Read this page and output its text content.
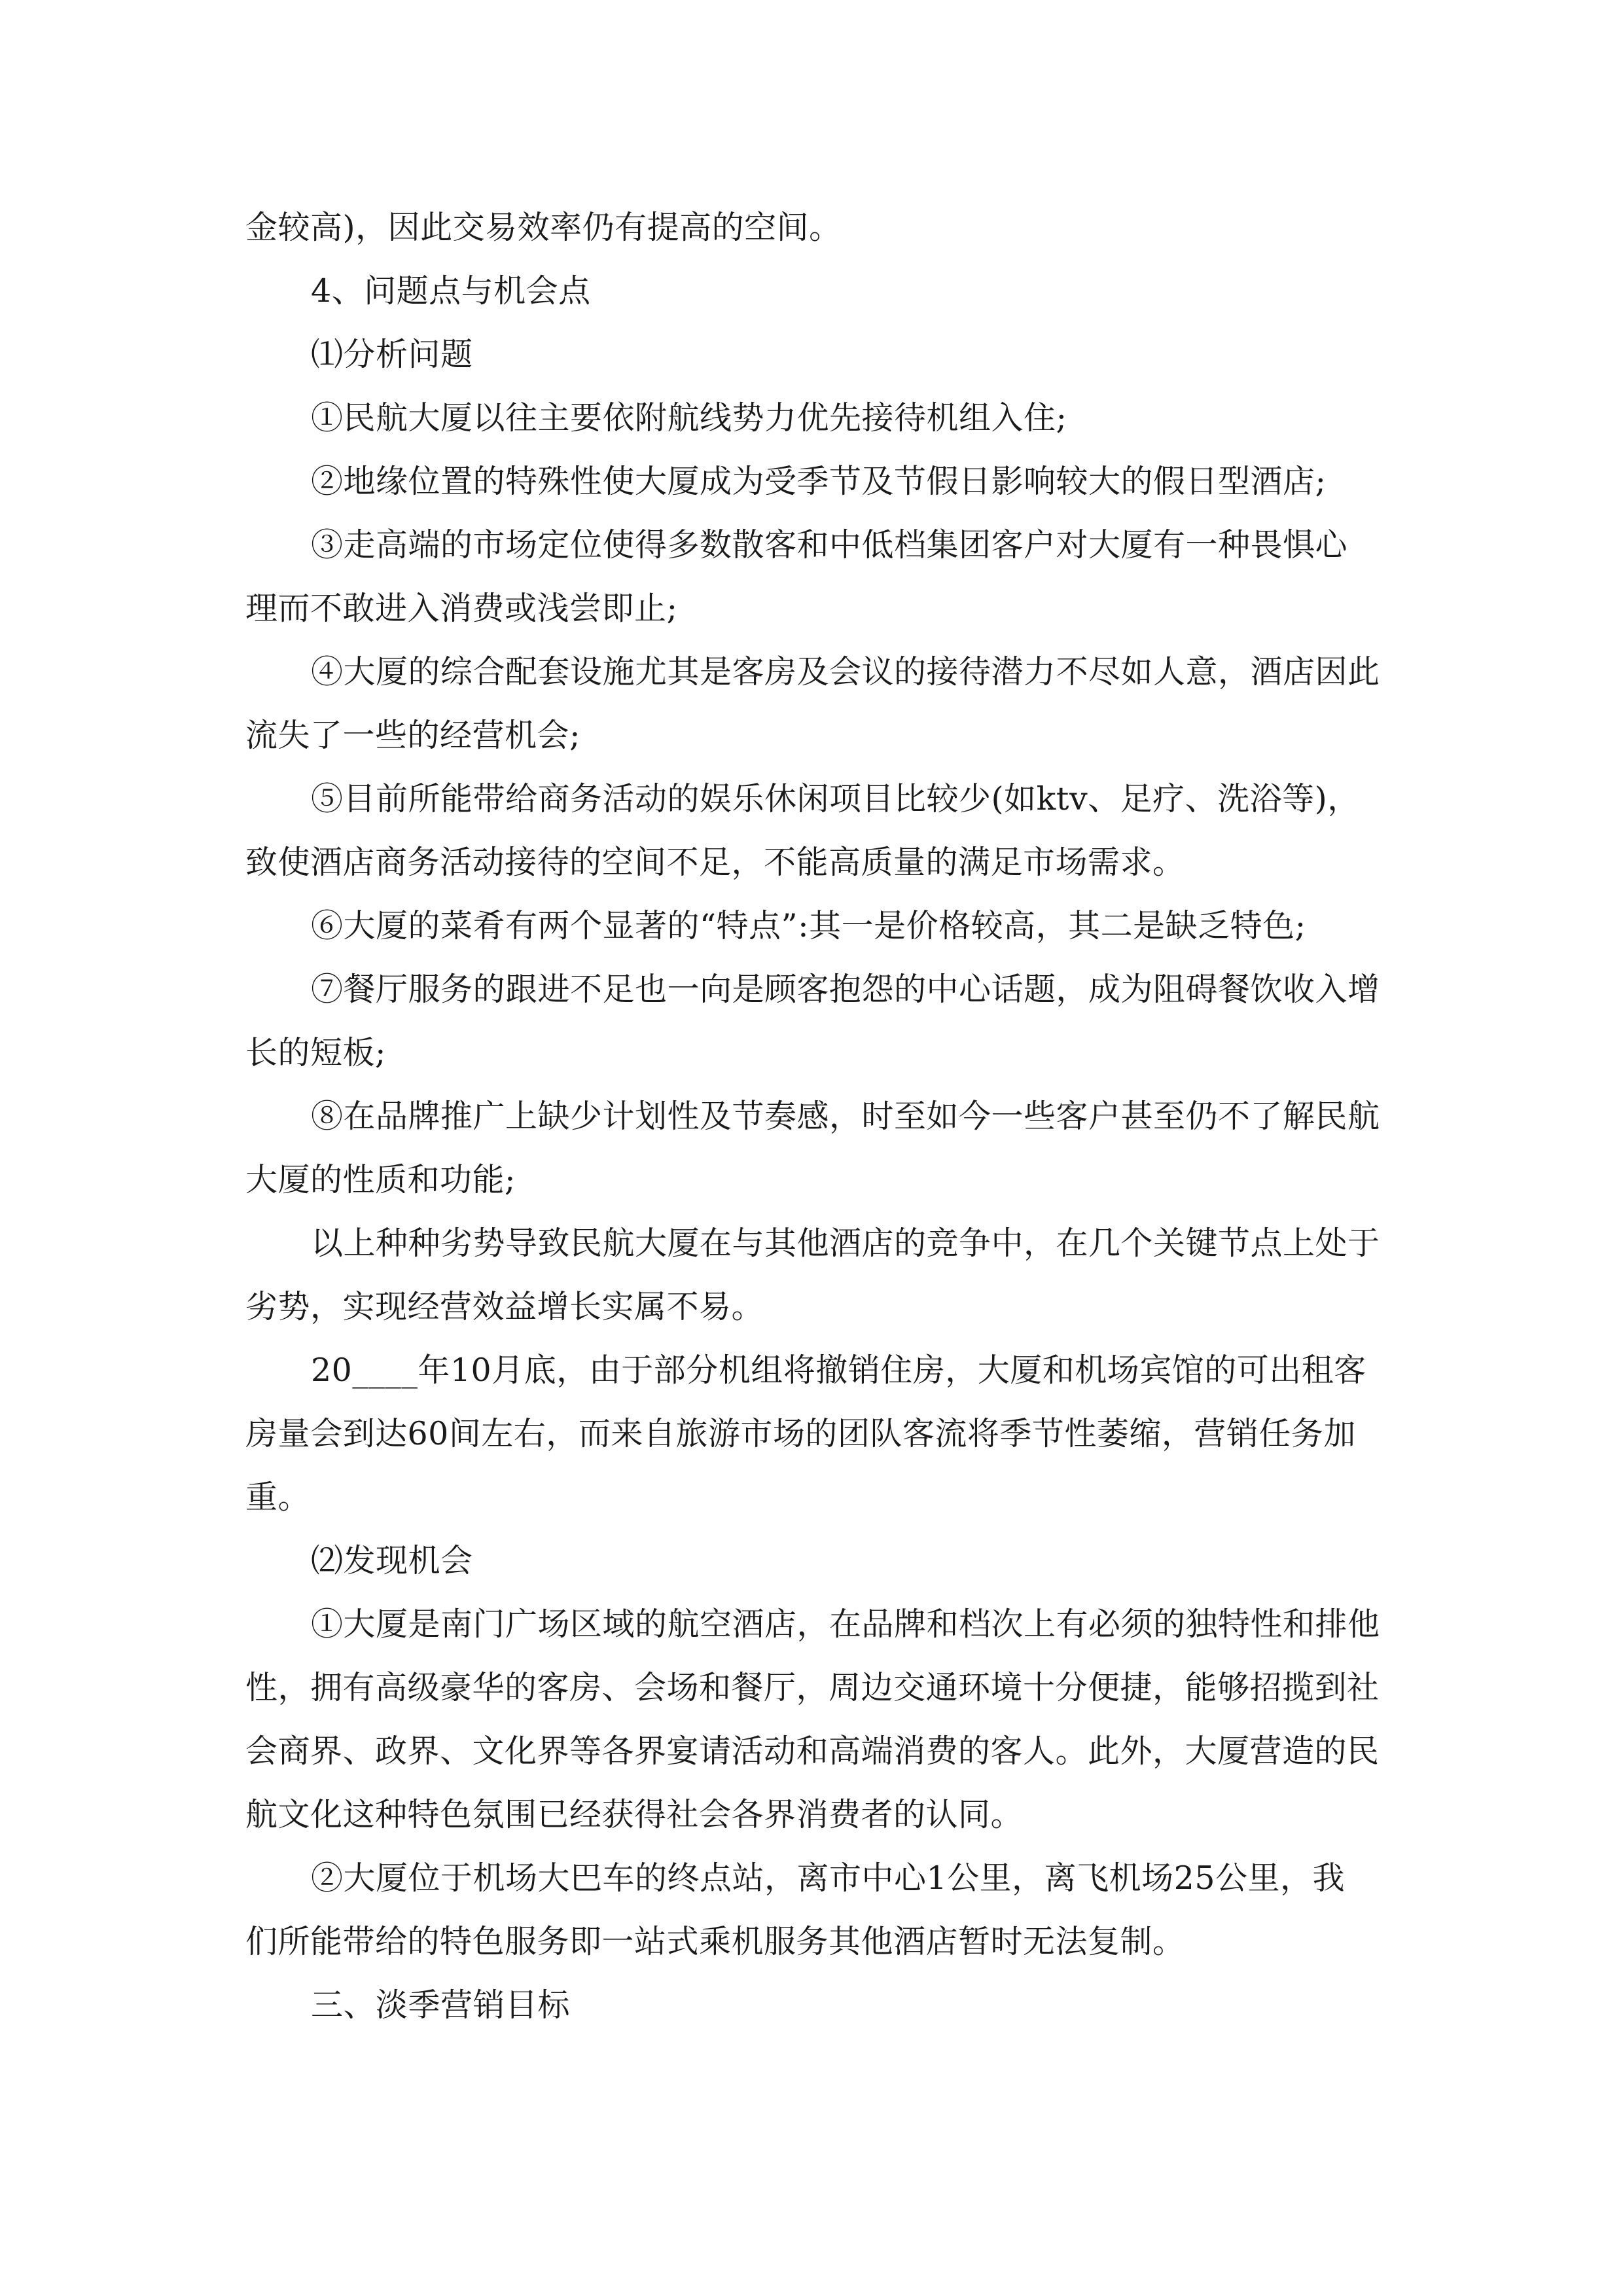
金较高)，因此交易效率仍有提高的空间。
4、问题点与机会点
⑴分析问题
①民航大厦以往主要依附航线势力优先接待机组入住;
②地缘位置的特殊性使大厦成为受季节及节假日影响较大的假日型酒店;
③走高端的市场定位使得多数散客和中低档集团客户对大厦有一种畏惧心
理而不敢进入消费或浅尝即止;
④大厦的综合配套设施尤其是客房及会议的接待潜力不尽如人意，酒店因此
流失了一些的经营机会;
⑤目前所能带给商务活动的娱乐休闲项目比较少(如ktv、足疗、洗浴等)，
致使酒店商务活动接待的空间不足，不能高质量的满足市场需求。
⑥大厦的菜肴有两个显著的“特点”:其一是价格较高，其二是缺乏特色;
⑦餐厅服务的跟进不足也一向是顾客抱怨的中心话题，成为阻碍餐饮收入增
长的短板;
⑧在品牌推广上缺少计划性及节奏感，时至如今一些客户甚至仍不了解民航
大厦的性质和功能;
以上种种劣势导致民航大厦在与其他酒店的竞争中，在几个关键节点上处于
劣势，实现经营效益增长实属不易。
20____年10月底，由于部分机组将撤销住房，大厦和机场宾馆的可出租客
房量会到达60间左右，而来自旅游市场的团队客流将季节性萎缩，营销任务加
重。
⑵发现机会
①大厦是南门广场区域的航空酒店，在品牌和档次上有必须的独特性和排他
性，拥有高级豪华的客房、会场和餐厅，周边交通环境十分便捷，能够招揽到社
会商界、政界、文化界等各界宴请活动和高端消费的客人。此外，大厦营造的民
航文化这种特色氛围已经获得社会各界消费者的认同。
②大厦位于机场大巴车的终点站，离市中心1公里，离飞机场25公里，我
们所能带给的特色服务即一站式乘机服务其他酒店暂时无法复制。
三、淡季营销目标
